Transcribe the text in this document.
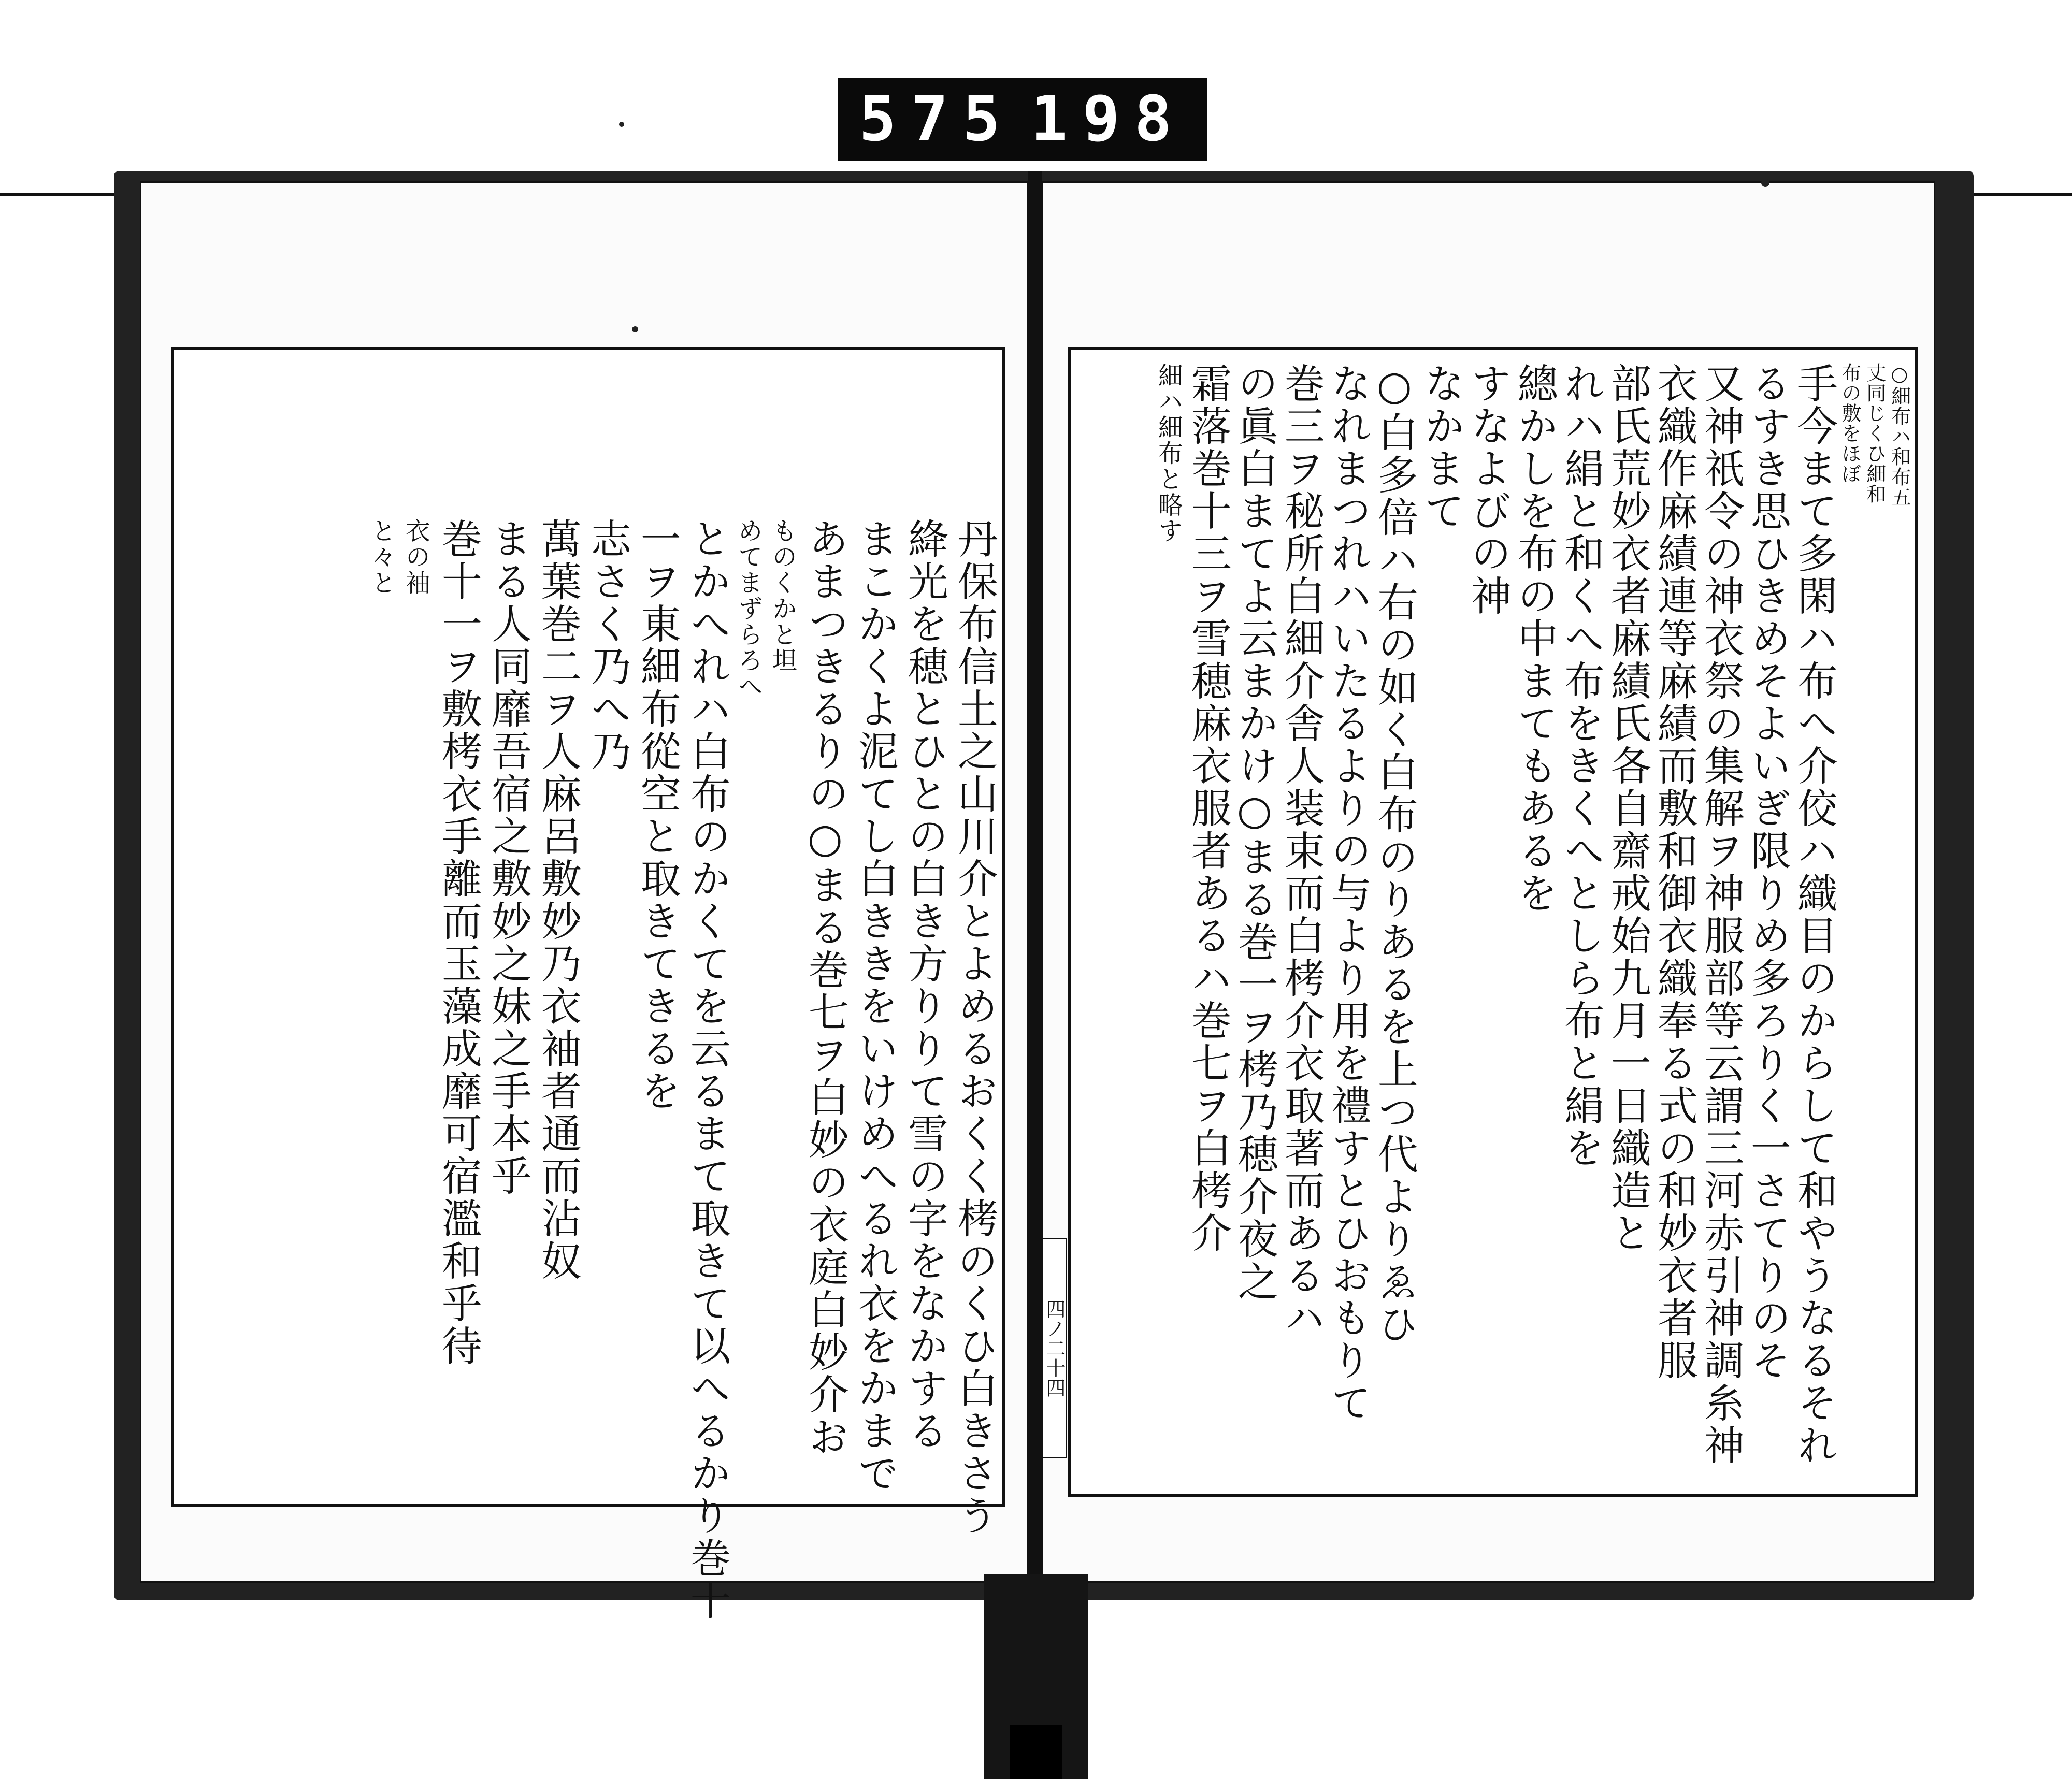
575 198
四ノ二十四
○細布ハ和布五
丈同じくひ細和
布の敷をほぼ
手今まて多閑ハ布へ介佼ハ織目のからして和やうなるそれ
るすき思ひきめそよいぎ限りめ多ろりく一さてりのそ
又神祇令の神衣祭の集解ヲ神服部等云謂三河赤引神調糸神
衣織作麻績連等麻績而敷和御衣織奉る式の和妙衣者服
部氏荒妙衣者麻績氏各自齋戒始九月一日織造と
れハ絹と和くへ布をきくへとしら布と絹を
總かしを布の中まてもあるを
すなよびの神
なかまて
○白多倍ハ右の如く白布のりあるを上つ代よりゑひ
なれまつれハいたるよりの与より用を禮すとひおもりて
巻三ヲ秘所白細介舎人装束而白栲介衣取著而あるハ
の眞白まてよ云まかけ○まる巻一ヲ栲乃穂介夜之
霜落巻十三ヲ雪穂麻衣服者あるハ巻七ヲ白栲介
細ハ細布と略す
丹保布信土之山川介とよめるおくく栲のくひ白きさう
絳光を穂とひとの白き方りりて雪の字をなかする
まこかくよ泥てし白ききをいけめへるれ衣をかまで
あまつきるりの○まる巻七ヲ白妙の衣庭白妙介お
ものくかと坦
めてまずらろへ
とかへれハ白布のかくてを云るまて取きて以へるかり巻十
一ヲ東細布從空と取きてきるを
志さく乃へ乃
萬葉巻二ヲ人麻呂敷妙乃衣袖者通而沾奴
まる人同靡吾宿之敷妙之妹之手本乎
巻十一ヲ敷栲衣手離而玉藻成靡可宿濫和乎待
衣の袖
と々と
